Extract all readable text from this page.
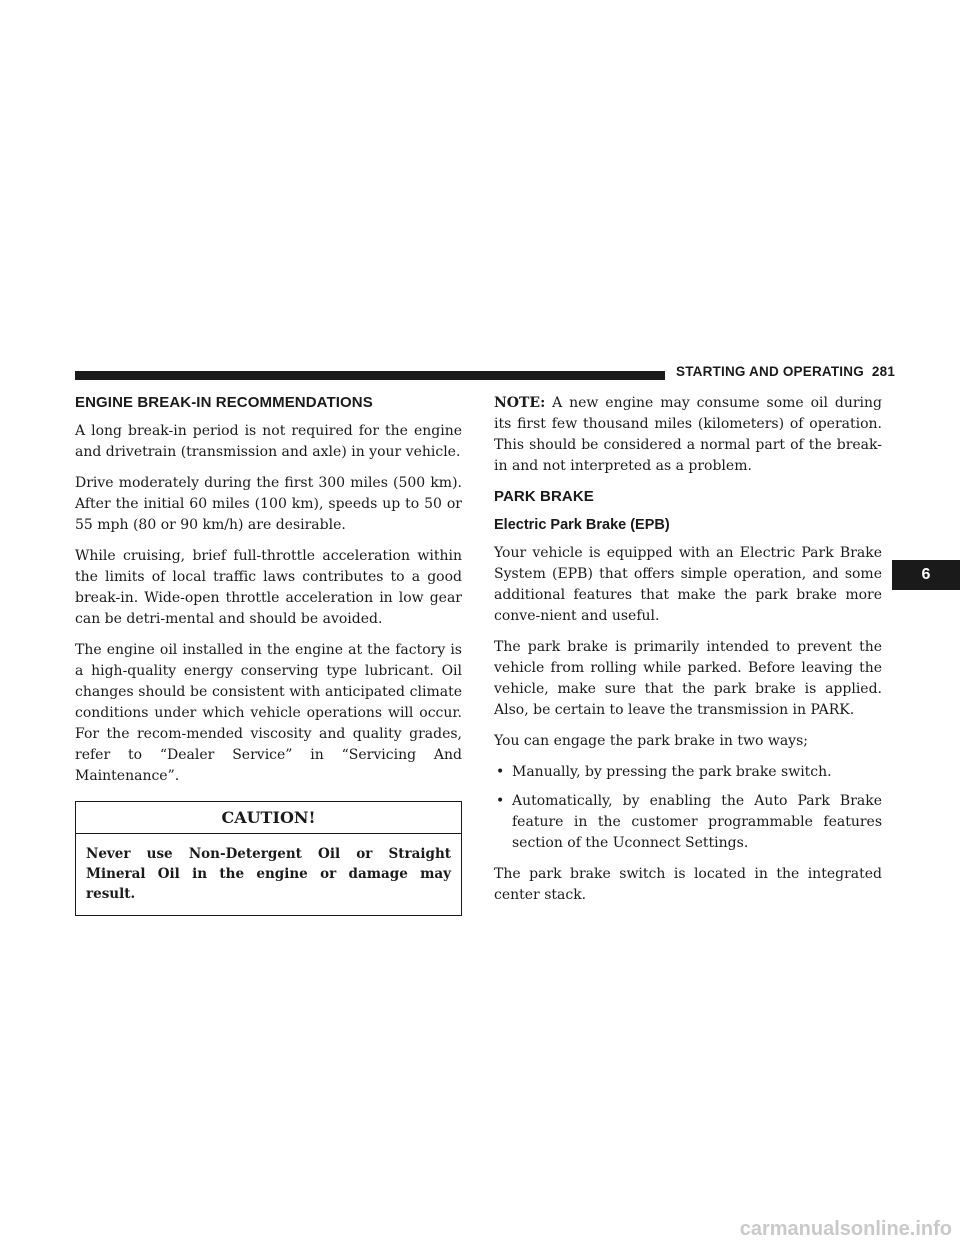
STARTING AND OPERATING 281
6
ENGINE BREAK-IN RECOMMENDATIONS

A long break-in period is not required for the engine and drivetrain (transmission and axle) in your vehicle.

Drive moderately during the first 300 miles (500 km). After the initial 60 miles (100 km), speeds up to 50 or 55 mph (80 or 90 km/h) are desirable.

While cruising, brief full-throttle acceleration within the limits of local traffic laws contributes to a good break-in. Wide-open throttle acceleration in low gear can be detri-mental and should be avoided.

The engine oil installed in the engine at the factory is a high-quality energy conserving type lubricant. Oil changes should be consistent with anticipated climate conditions under which vehicle operations will occur. For the recom-mended viscosity and quality grades, refer to “Dealer Service” in “Servicing And Maintenance”.

CAUTION!
Never use Non-Detergent Oil or Straight Mineral Oil in the engine or damage may result.

NOTE: A new engine may consume some oil during its first few thousand miles (kilometers) of operation. This should be considered a normal part of the break-in and not interpreted as a problem.

PARK BRAKE
Electric Park Brake (EPB)

Your vehicle is equipped with an Electric Park Brake System (EPB) that offers simple operation, and some additional features that make the park brake more conve-nient and useful.

The park brake is primarily intended to prevent the vehicle from rolling while parked. Before leaving the vehicle, make sure that the park brake is applied. Also, be certain to leave the transmission in PARK.

You can engage the park brake in two ways;

• Manually, by pressing the park brake switch.
• Automatically, by enabling the Auto Park Brake feature in the customer programmable features section of the Uconnect Settings.

The park brake switch is located in the integrated center stack.

carmanualsonline.info
